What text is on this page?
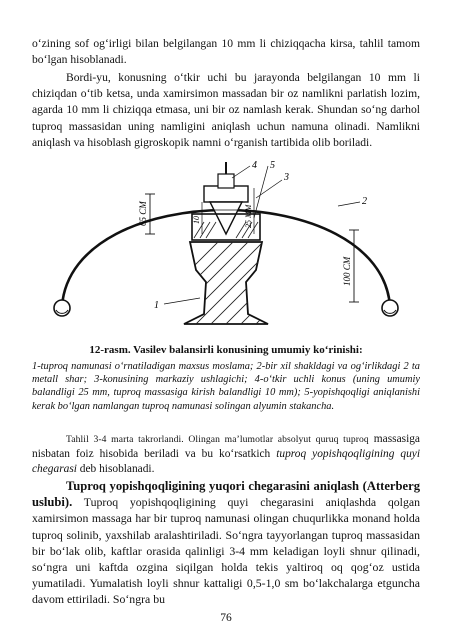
o‘zining sof og‘irligi bilan belgilangan 10 mm li chiziqqacha kirsa, tahlil tamom bo‘lgan hisoblanadi.

Bordi-yu, konusning o‘tkir uchi bu jarayonda belgilangan 10 mm li chiziqdan o‘tib ketsa, unda xamirsimon massadan bir oz namlikni parlatish lozim, agarda 10 mm li chiziqqa etmasa, uni bir oz namlash kerak. Shundan so‘ng darhol tuproq massasidan uning namligini aniqlash uchun namuna olinadi. Namlikni aniqlash va hisoblash gigroskopik namni o‘rganish tartibida olib boriladi.

65 СМ	10	25 ММ
100 СМ
4 5
3
2
1

12-rasm. Vasilev balansirli konusining umumiy ko‘rinishi:

1-tuproq namunasi o‘rnatiladigan maxsus moslama; 2-bir xil shakldagi va og‘irlikdagi 2 ta metall shar; 3-konusining markaziy ushlagichi; 4-o‘tkir uchli konus (uning umumiy balandligi 25 mm, tuproq massasiga kirish balandligi 10 mm); 5-yopishqoqligi aniqlanishi kerak bo‘lgan namlangan tuproq namunasi solingan alyumin stakancha.

Tahlil 3-4 marta takrorlandi. Olingan ma’lumotlar absolyut quruq tuproq massasiga nisbatan foiz hisobida beriladi va bu ko‘rsatkich tuproq yopishqoqligining quyi chegarasi deb hisoblanadi.

Tuproq yopishqoqligining yuqori chegarasini aniqlash (Atterberg uslubi). Tuproq yopishqoqligining quyi chegarasini aniqlashda qolgan xamirsimon massaga har bir tuproq namunasi olingan chuqurlikka monand holda tuproq solinib, yaxshilab aralashtiriladi. So‘ngra tayyorlangan tuproq massasidan bir bo‘lak olib, kaftlar orasida qalinligi 3-4 mm keladigan loyli shnur qilinadi, so‘ngra uni kaftda ozgina siqilgan holda tekis yaltiroq oq qog‘oz ustida yumatiladi. Yumalatish loyli shnur kattaligi 0,5-1,0 sm bo‘lakchalarga etguncha davom ettiriladi. So‘ngra bu

76
